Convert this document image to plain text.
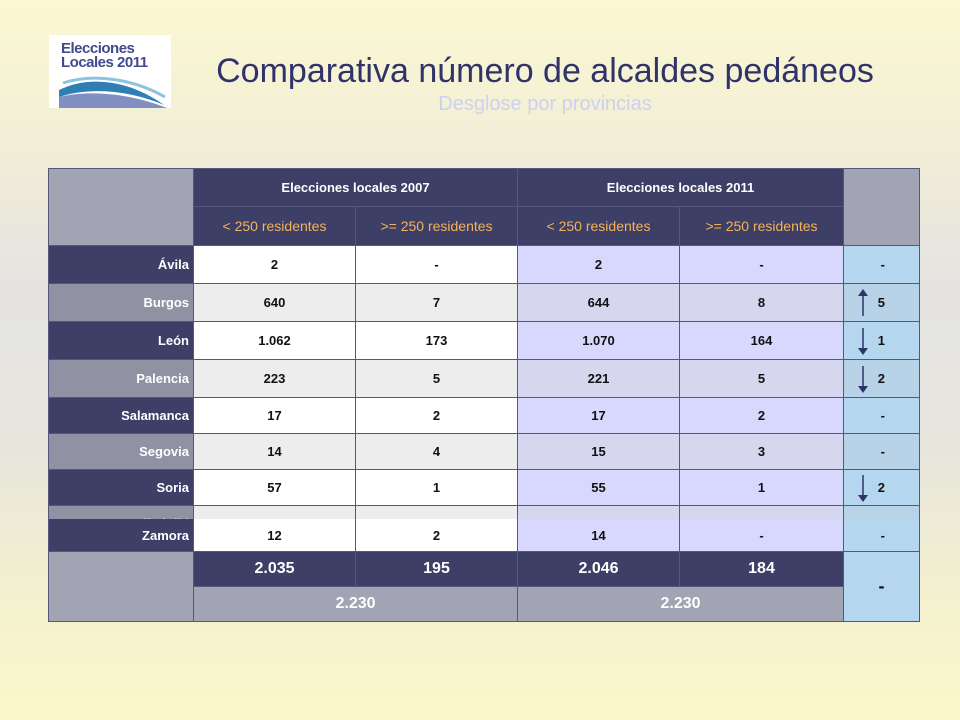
Elecciones
Locales 2011	Comparativa número de alcaldes pedáneos
Desglose por provincias
Elecciones locales 2007	Elecciones locales 2011
< 250 residentes	>= 250 residentes	< 250 residentes	>= 250 residentes
Ávila	2	-	2	-	-
Burgos	640	7	644	8	5
León	1.062	173	1.070	164	1
Palencia	223	5	221	5	2
Salamanca	17	2	17	2	-
Segovia	14	4	15	3	-
Soria	57	1	55	1	2
Zamora	12	2	14	-	-
2.035	195	2.046	184
2.230	2.230
-
